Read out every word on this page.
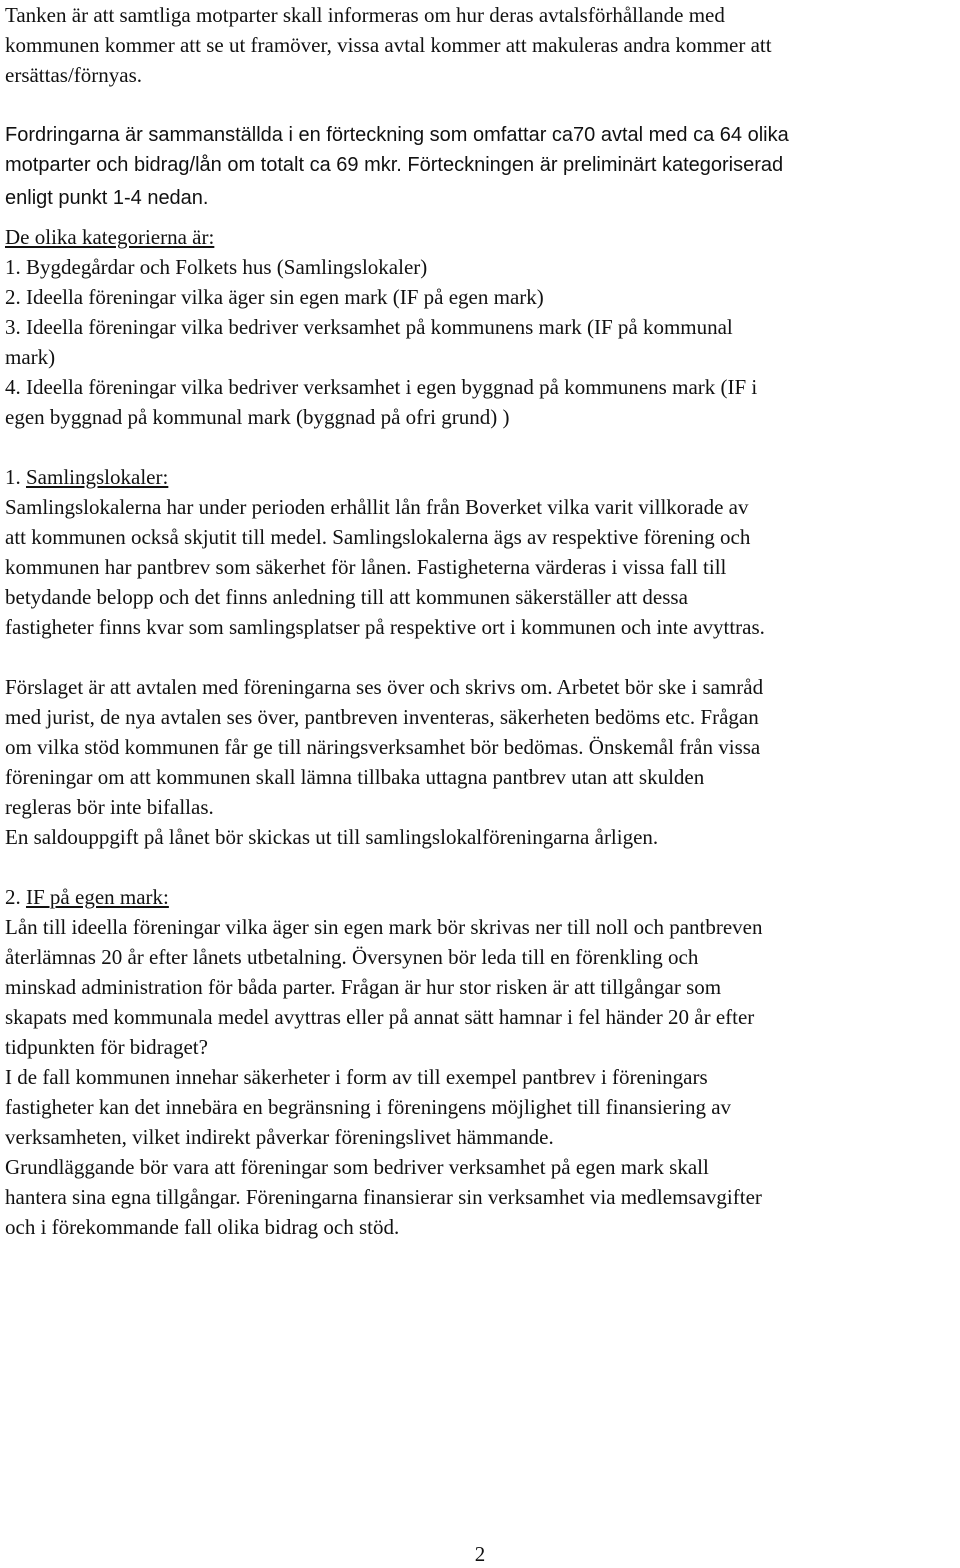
Tanken är att samtliga motparter skall informeras om hur deras avtalsförhållande med
kommunen kommer att se ut framöver, vissa avtal kommer att makuleras andra kommer att
ersättas/förnyas.
Fordringarna är sammanställda i en förteckning som omfattar ca70 avtal med ca 64 olika
motparter och bidrag/lån om totalt ca 69 mkr. Förteckningen är preliminärt kategoriserad
enligt punkt 1-4 nedan.
De olika kategorierna är:
1. Bygdegårdar och Folkets hus (Samlingslokaler)
2. Ideella föreningar vilka äger sin egen mark (IF på egen mark)
3. Ideella föreningar vilka bedriver verksamhet på kommunens mark (IF på kommunal
mark)
4. Ideella föreningar vilka bedriver verksamhet i egen byggnad på kommunens mark (IF i
egen byggnad på kommunal mark (byggnad på ofri grund) )
1. Samlingslokaler:
Samlingslokalerna har under perioden erhållit lån från Boverket vilka varit villkorade av
att kommunen också skjutit till medel. Samlingslokalerna ägs av respektive förening och
kommunen har pantbrev som säkerhet för lånen. Fastigheterna värderas i vissa fall till
betydande belopp och det finns anledning till att kommunen säkerställer att dessa
fastigheter finns kvar som samlingsplatser på respektive ort i kommunen och inte avyttras.
Förslaget är att avtalen med föreningarna ses över och skrivs om. Arbetet bör ske i samråd
med jurist, de nya avtalen ses över, pantbreven inventeras, säkerheten bedöms etc. Frågan
om vilka stöd kommunen får ge till näringsverksamhet bör bedömas. Önskemål från vissa
föreningar om att kommunen skall lämna tillbaka uttagna pantbrev utan att skulden
regleras bör inte bifallas.
En saldouppgift på lånet bör skickas ut till samlingslokalföreningarna årligen.
2. IF på egen mark:
Lån till ideella föreningar vilka äger sin egen mark bör skrivas ner till noll och pantbreven
återlämnas 20 år efter lånets utbetalning. Översynen bör leda till en förenkling och
minskad administration för båda parter. Frågan är hur stor risken är att tillgångar som
skapats med kommunala medel avyttras eller på annat sätt hamnar i fel händer 20 år efter
tidpunkten för bidraget?
I de fall kommunen innehar säkerheter i form av till exempel pantbrev i föreningars
fastigheter kan det innebära en begränsning i föreningens möjlighet till finansiering av
verksamheten, vilket indirekt påverkar föreningslivet hämmande.
Grundläggande bör vara att föreningar som bedriver verksamhet på egen mark skall
hantera sina egna tillgångar. Föreningarna finansierar sin verksamhet via medlemsavgifter
och i förekommande fall olika bidrag och stöd.
2
